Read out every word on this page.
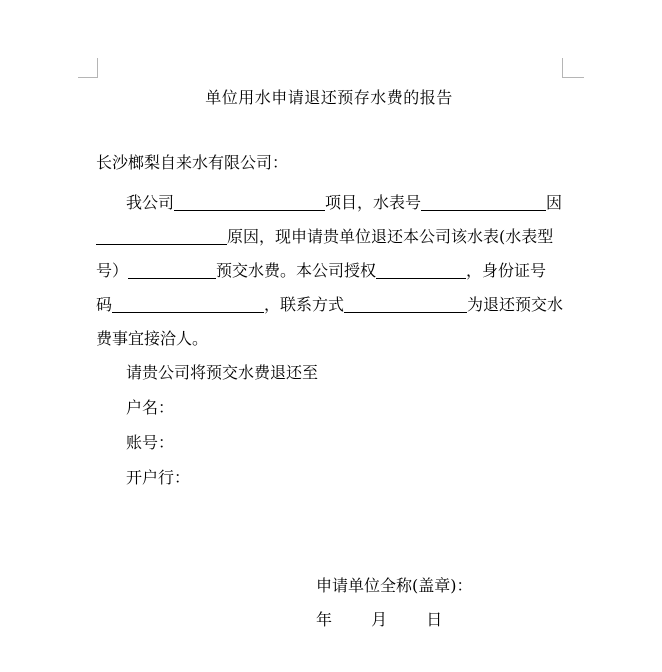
单位用水申请退还预存水费的报告
长沙榔梨自来水有限公司：
我公司	项目，水表号	因
原因，现申请贵单位退还本公司该水表(水表型
号）	预交水费。本公司授权	，身份证号
码	，联系方式	为退还预交水
费事宜接洽人。
请贵公司将预交水费退还至
户名：
账号：
开户行：
申请单位全称(盖章)：
年 月 日
